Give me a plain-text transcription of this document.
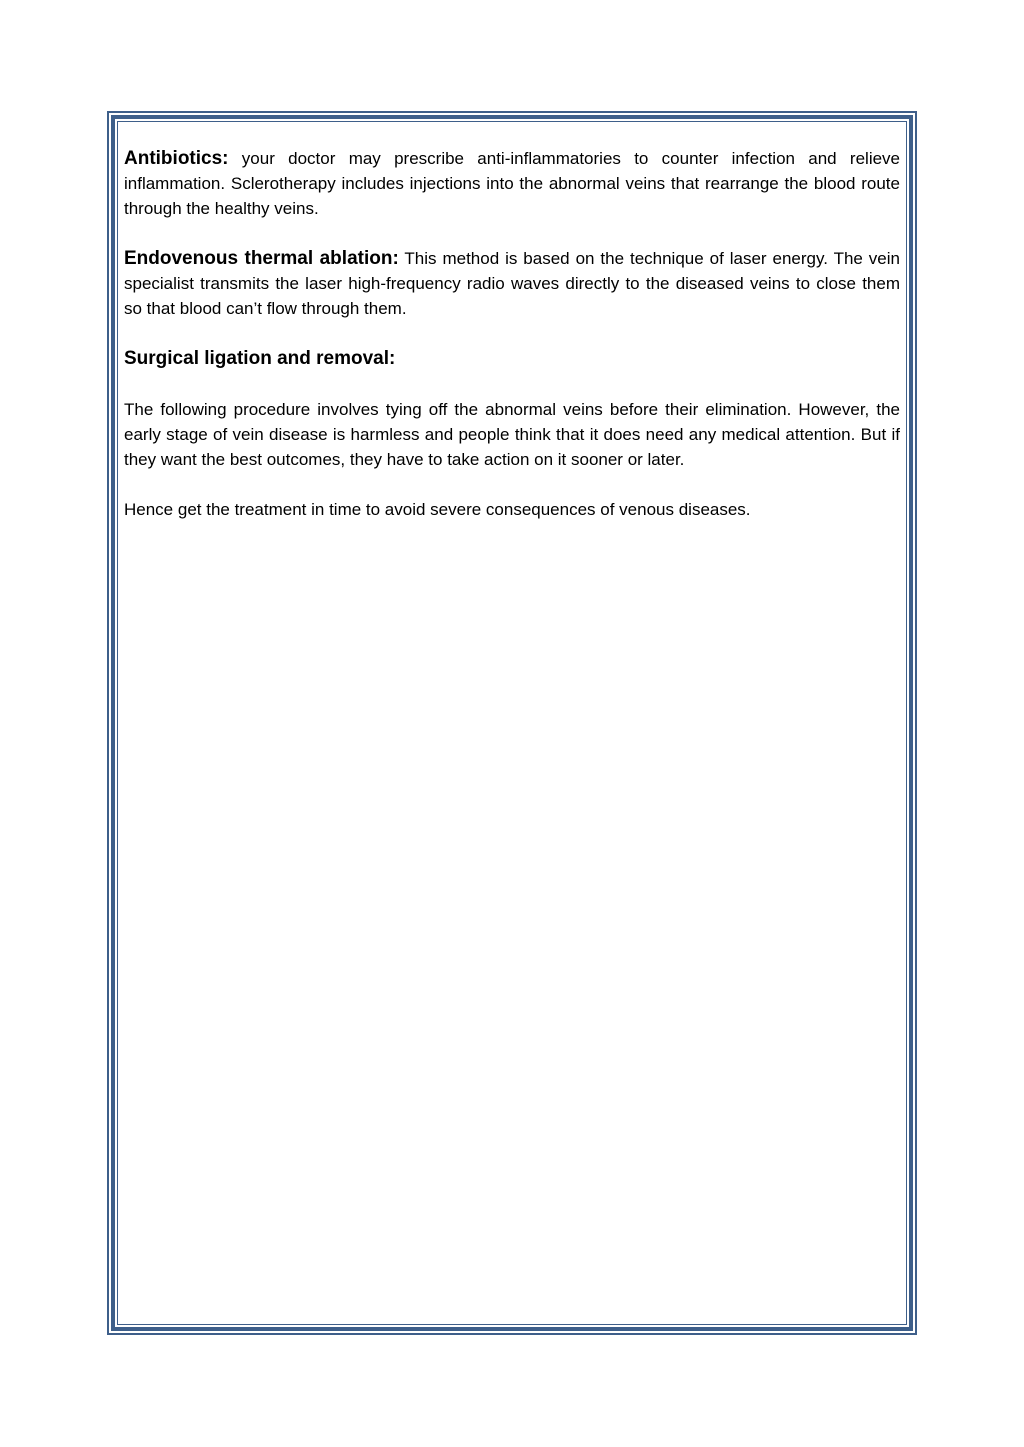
Antibiotics: your doctor may prescribe anti-inflammatories to counter infection and relieve inflammation. Sclerotherapy includes injections into the abnormal veins that rearrange the blood route through the healthy veins.

Endovenous thermal ablation: This method is based on the technique of laser energy. The vein specialist transmits the laser high-frequency radio waves directly to the diseased veins to close them so that blood can’t flow through them.

Surgical ligation and removal:

The following procedure involves tying off the abnormal veins before their elimination. However, the early stage of vein disease is harmless and people think that it does need any medical attention. But if they want the best outcomes, they have to take action on it sooner or later.

Hence get the treatment in time to avoid severe consequences of venous diseases.
